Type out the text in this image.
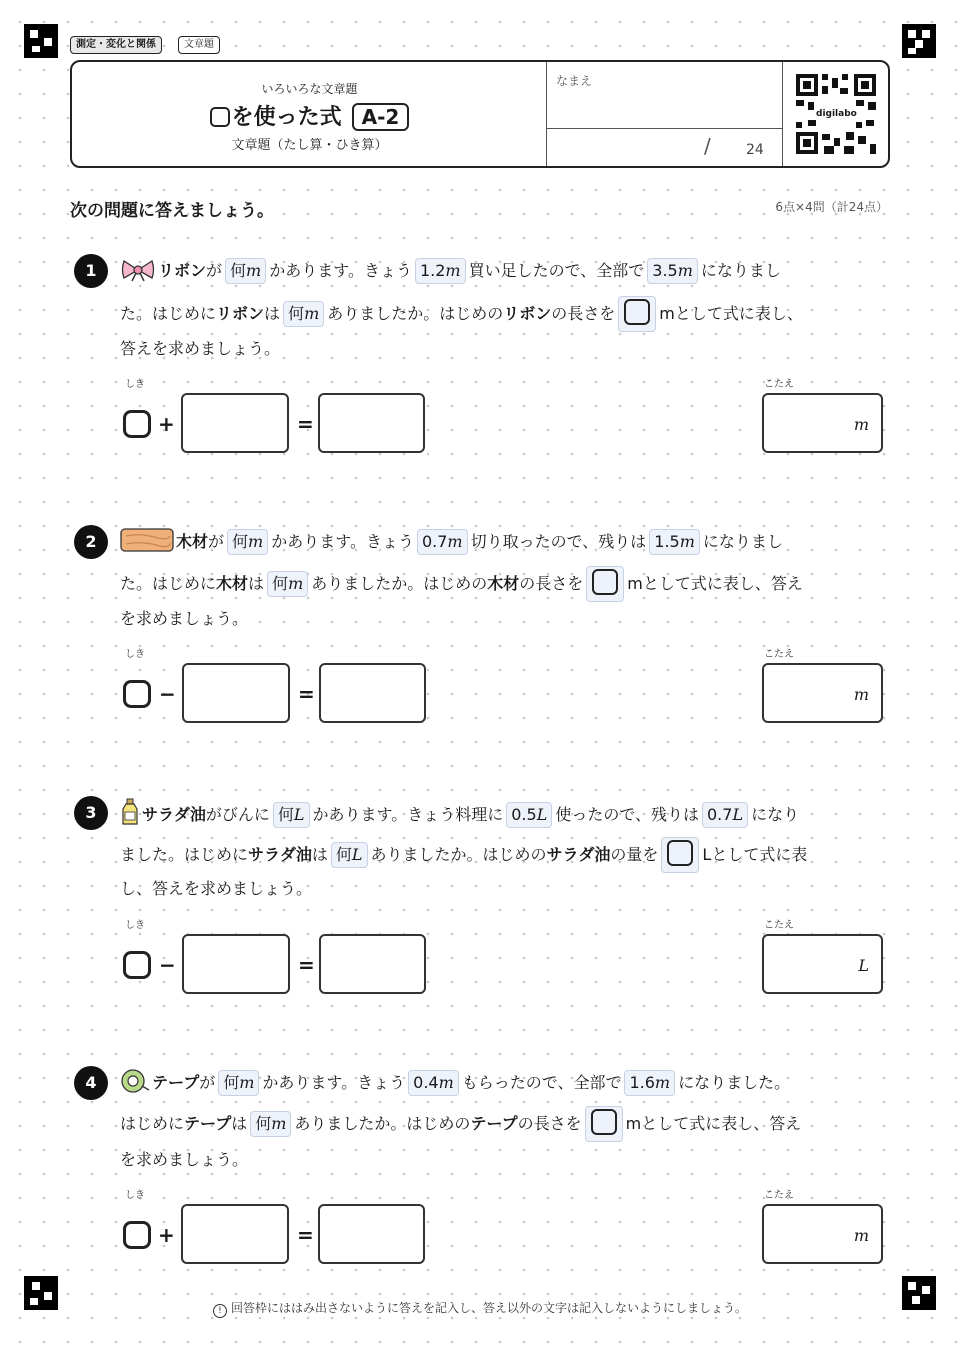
測定・変化と関係	文章題
いろいろな文章題
を使った式 A-2
文章題（たし算・ひき算）
なまえ
/	24
digilabo
次の問題に答えましょう。	6点×4問（計24点）
1	リボンが 何m かあります。きょう 1.2m 買い足したので、全部で 3.5m になりまし
た。はじめにリボンは 何m ありましたか。はじめのリボンの長さを	mとして式に表し、
答えを求めましょう。
しき	こたえ
+	=	m
2	木材が 何m かあります。きょう 0.7m 切り取ったので、残りは 1.5m になりまし
た。はじめに木材は 何m ありましたか。はじめの木材の長さを	mとして式に表し、答え
を求めましょう。
しき	こたえ
−	=	m
3	サラダ油がびんに 何L かあります。きょう料理に 0.5L 使ったので、残りは 0.7L になり
ました。はじめにサラダ油は 何L ありましたか。はじめのサラダ油の量を	Lとして式に表
し、答えを求めましょう。
しき	こたえ
−	=	L
4	テープが 何m かあります。きょう 0.4m もらったので、全部で 1.6m になりました。
はじめにテープは 何m ありましたか。はじめのテープの長さを	mとして式に表し、答え
を求めましょう。
しき	こたえ
+	=	m
! 回答枠にははみ出さないように答えを記入し、答え以外の文字は記入しないようにしましょう。
